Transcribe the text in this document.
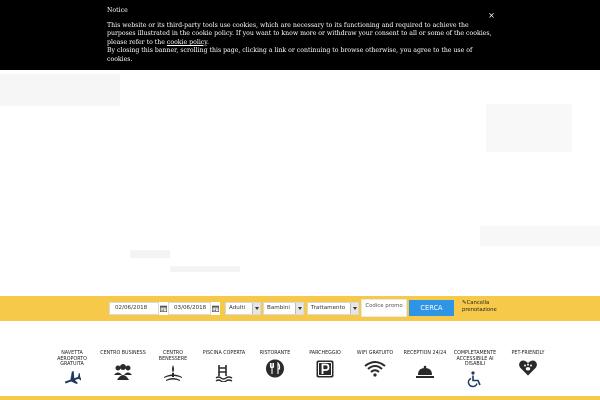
Notice
This website or its third-party tools use cookies, which are necessary to its functioning and required to achieve the purposes illustrated in the cookie policy. If you want to know more or withdraw your consent to all or some of the cookies, please refer to the cookie policy.
By closing this banner, scrolling this page, clicking a link or continuing to browse otherwise, you agree to the use of cookies.
×
02/06/2018	03/06/2018	Adulti	Bambini	Trattamento	Codice promo	CERCA
✎Cancella
prenotazione
NAVETTA AEROPORTO GRATUITA
CENTRO BUSINESS	CENTRO BENESSERE
PISCINA COPERTA	RISTORANTE	PARCHEGGIO	WIFI GRATUITO	RECEPTION 24/24	COMPLETAMENTE ACCESSIBILE AI DISABILI
PET-FRIENDLY
